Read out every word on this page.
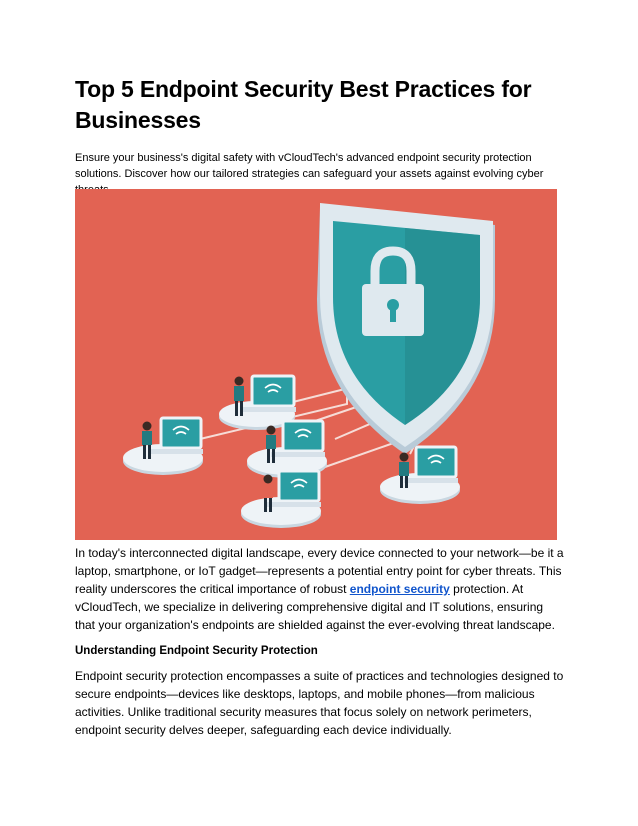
Top 5 Endpoint Security Best Practices for Businesses

Ensure your business's digital safety with vCloudTech's advanced endpoint security protection solutions. Discover how our tailored strategies can safeguard your assets against evolving cyber

In today's interconnected digital landscape, every device connected to your network—be it a laptop, smartphone, or IoT gadget—represents a potential entry point for cyber threats. This reality underscores the critical importance of robust endpoint security protection. At vCloudTech, we specialize in delivering comprehensive digital and IT solutions, ensuring that your organization's endpoints are shielded against the ever-evolving threat landscape.

Understanding Endpoint Security Protection

Endpoint security protection encompasses a suite of practices and technologies designed to secure endpoints—devices like desktops, laptops, and mobile phones—from malicious activities. Unlike traditional security measures that focus solely on network perimeters, endpoint security delves deeper, safeguarding each device individually.
